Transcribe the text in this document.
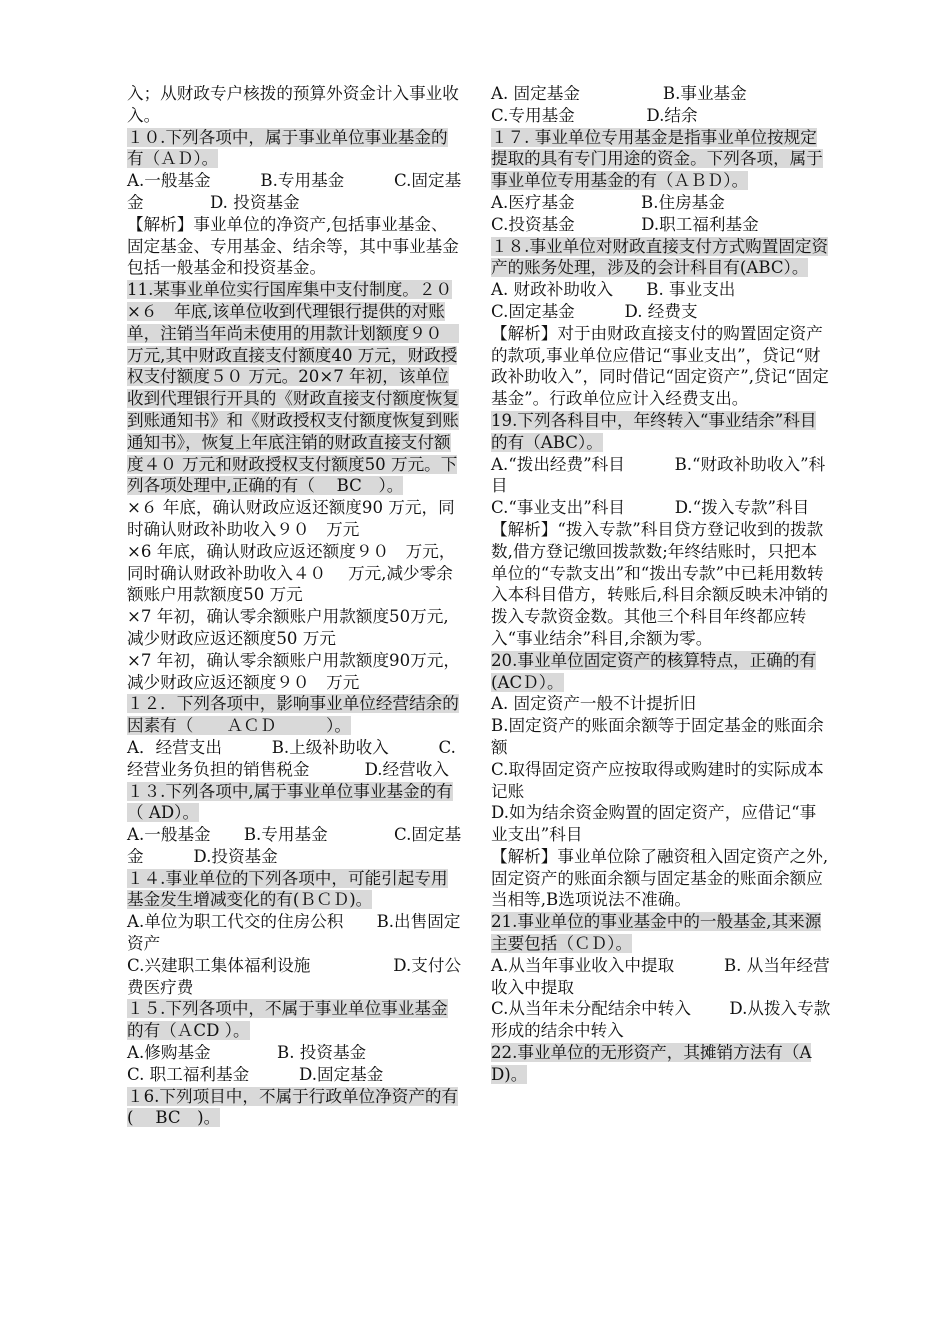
入；从财政专户核拨的预算外资金计入事业收入。

１０.下列各项中，属于事业单位事业基金的有（ＡＤ）。

A.一般基金　　　B.专用基金　　　C.固定基金　　　　D. 投资基金

【解析】事业单位的净资产,包括事业基金、固定基金、专用基金、结余等，其中事业基金包括一般基金和投资基金。

11.某事业单位实行国库集中支付制度。２０×６　年底,该单位收到代理银行提供的对账单，注销当年尚未使用的用款计划额度９０　万元,其中财政直接支付额度40 万元，财政授权支付额度５０ 万元。20×7 年初，该单位收到代理银行开具的《财政直接支付额度恢复到账通知书》和《财政授权支付额度恢复到账通知书》，恢复上年底注销的财政直接支付额度４０ 万元和财政授权支付额度50 万元。下列各项处理中,正确的有（　 BC　）。

×６ 年底，确认财政应返还额度90 万元，同时确认财政补助收入９０　万元

×6 年底，确认财政应返还额度９０　万元，同时确认财政补助收入４０　 万元,减少零余额账户用款额度50 万元

×7 年初，确认零余额账户用款额度50万元,减少财政应返还额度50 万元

×7 年初，确认零余额账户用款额度90万元，减少财政应返还额度９０　万元

１２．下列各项中，影响事业单位经营结余的因素有（　　ＡＣＤ　　　）。

A．经营支出　　　B.上级补助收入　　　C.经营业务负担的销售税金　　　 D.经营收入

１３.下列各项中,属于事业单位事业基金的有（ AD）。

A.一般基金　　B.专用基金　　　　C.固定基金　　　D.投资基金

１４.事业单位的下列各项中，可能引起专用基金发生增减变化的有(ＢＣＤ)。

A.单位为职工代交的住房公积　　B.出售固定资产

C.兴建职工集体福利设施　　　　　D.支付公费医疗费

１５.下列各项中，不属于事业单位事业基金的有（ＡCD ）。

A.修购基金　　　　B. 投资基金

C. 职工福利基金　　　D.固定基金

１6.下列项目中，不属于行政单位净资产的有(　 BC　)。

A. 固定基金　　　　　B.事业基金

C.专用基金　　　　 D.结余

１７. 事业单位专用基金是指事业单位按规定提取的具有专门用途的资金。下列各项，属于事业单位专用基金的有（ＡＢＤ）。

A.医疗基金　　　　B.住房基金

C.投资基金　　　　D.职工福利基金

１８.事业单位对财政直接支付方式购置固定资产的账务处理，涉及的会计科目有(ABC）。

A. 财政补助收入　　B. 事业支出

C.固定基金　　　D. 经费支

【解析】对于由财政直接支付的购置固定资产的款项,事业单位应借记“事业支出”，贷记“财政补助收入”，同时借记“固定资产”,贷记“固定基金”。行政单位应计入经费支出。

19.下列各科目中，年终转入“事业结余”科目的有（ABC）。

A.“拨出经费”科目　　　B.“财政补助收入”科目

C.“事业支出”科目　　　D.“拨入专款”科目

【解析】“拨入专款”科目贷方登记收到的拨款数,借方登记缴回拨款数;年终结账时，只把本单位的“专款支出”和“拨出专款”中已耗用数转入本科目借方，转账后,科目余额反映未冲销的拨入专款资金数。其他三个科目年终都应转入“事业结余”科目,余额为零。

20.事业单位固定资产的核算特点，正确的有(ACＤ）。

A. 固定资产一般不计提折旧

B.固定资产的账面余额等于固定基金的账面余额

C.取得固定资产应按取得或购建时的实际成本记账

D.如为结余资金购置的固定资产，应借记“事业支出”科目

【解析】事业单位除了融资租入固定资产之外,固定资产的账面余额与固定基金的账面余额应当相等,B选项说法不准确。

21.事业单位的事业基金中的一般基金,其来源主要包括（ＣＤ）。

A.从当年事业收入中提取　　　B. 从当年经营收入中提取

C.从当年未分配结余中转入　　 D.从拨入专款形成的结余中转入

22.事业单位的无形资产，其摊销方法有（AD)。
